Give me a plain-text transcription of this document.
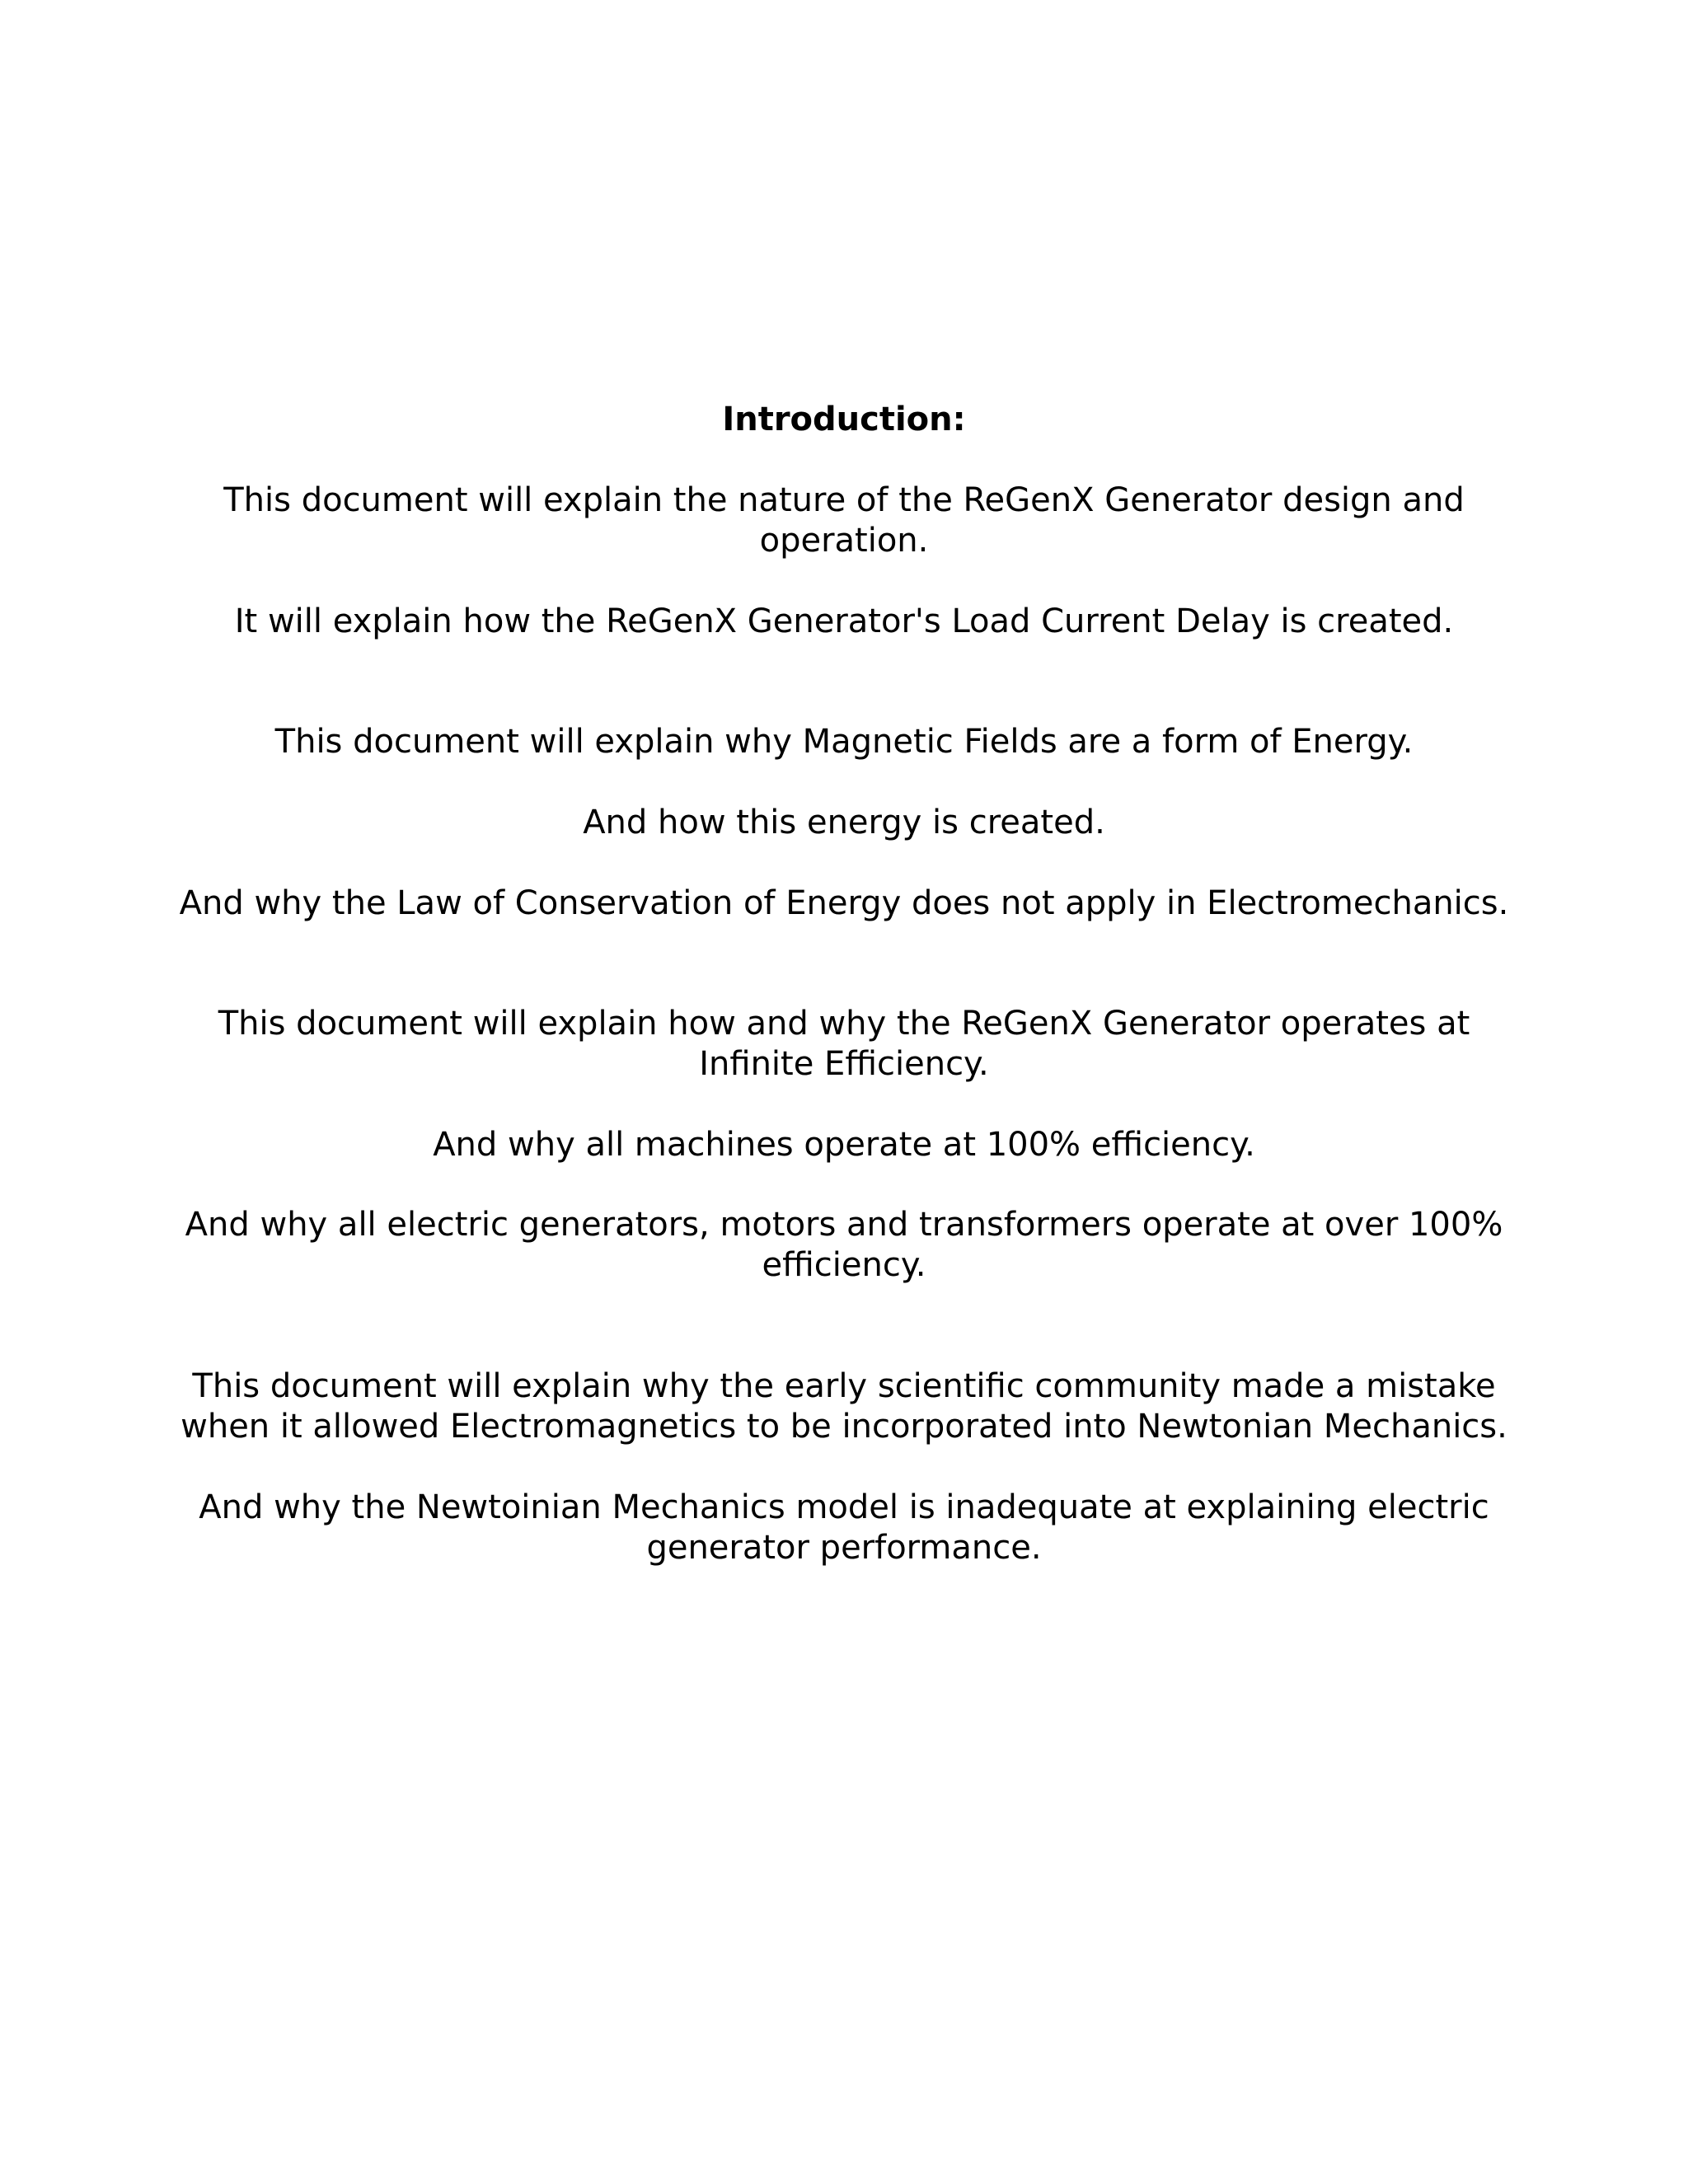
Introduction:

This document will explain the nature of the ReGenX Generator design and
operation.

It will explain how the ReGenX Generator's Load Current Delay is created.

This document will explain why Magnetic Fields are a form of Energy.

And how this energy is created.

And why the Law of Conservation of Energy does not apply in Electromechanics.

This document will explain how and why the ReGenX Generator operates at
Infinite Efficiency.

And why all machines operate at 100% efficiency.

And why all electric generators, motors and transformers operate at over 100%
efficiency.

This document will explain why the early scientific community made a mistake
when it allowed Electromagnetics to be incorporated into Newtonian Mechanics.

And why the Newtoinian Mechanics model is inadequate at explaining electric
generator performance.
